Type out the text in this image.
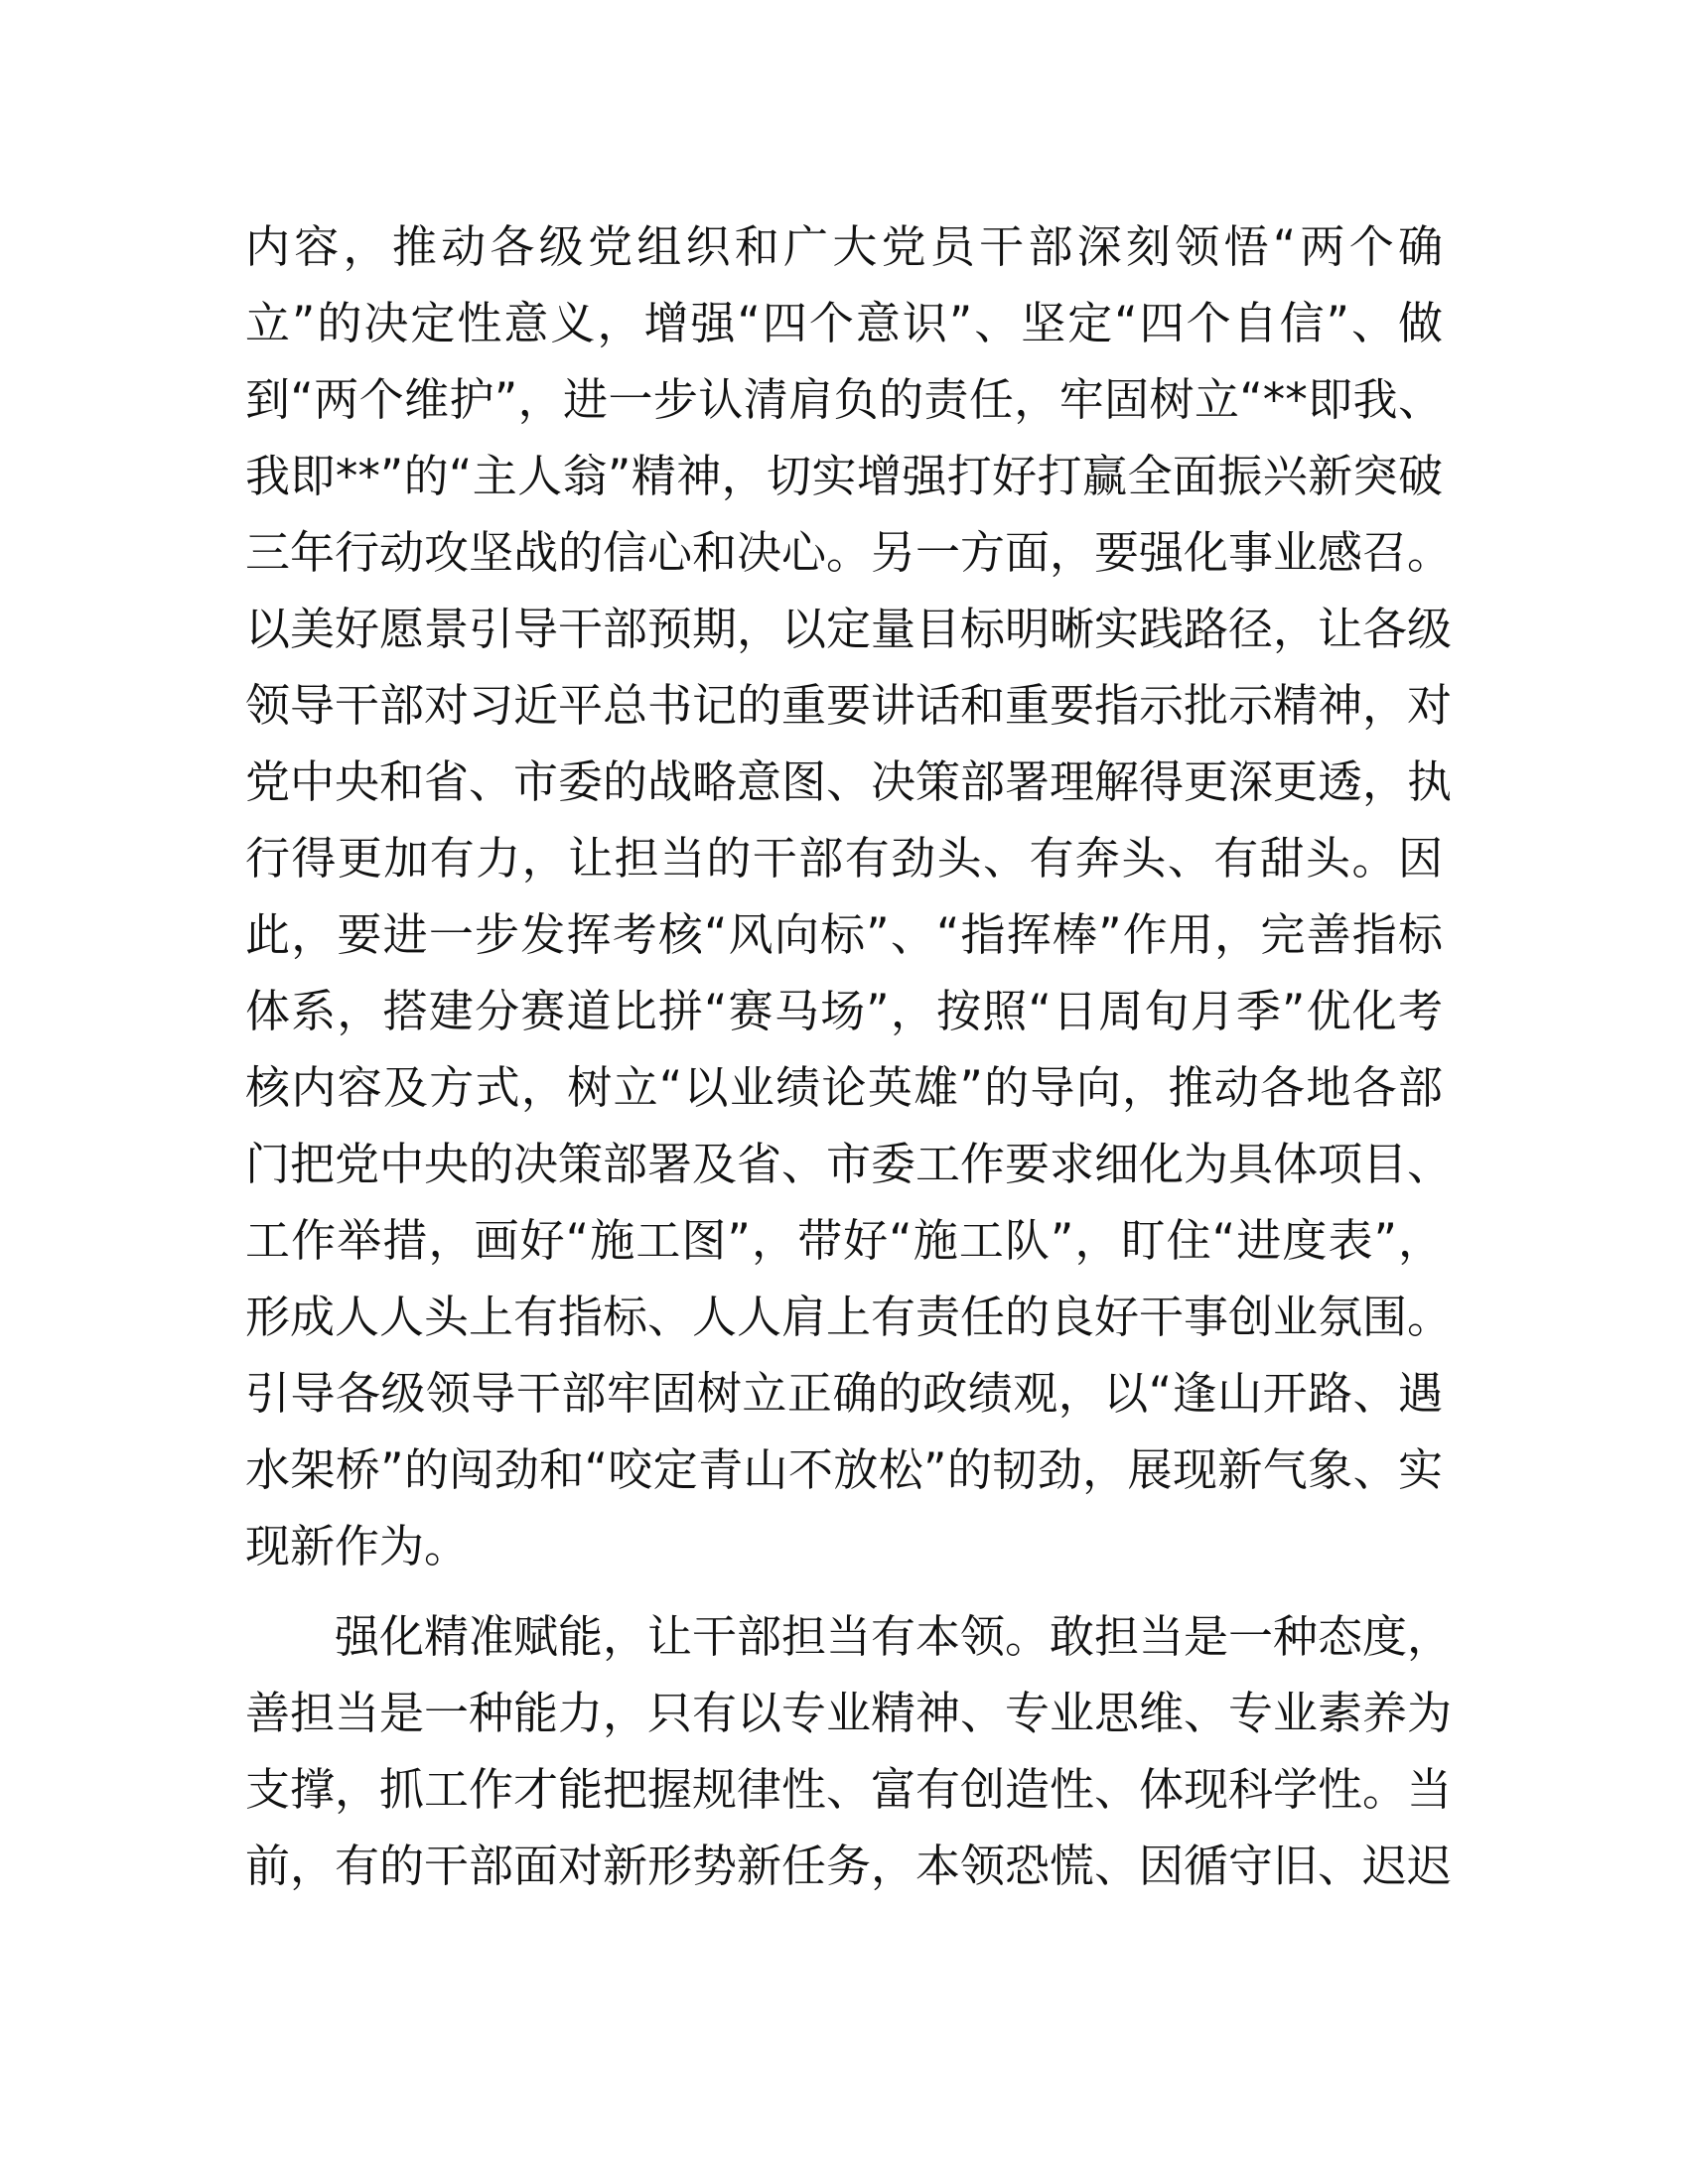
内容，推动各级党组织和广大党员干部深刻领悟“两个确
立”的决定性意义，增强“四个意识”、坚定“四个自信”、做
到“两个维护”，进一步认清肩负的责任，牢固树立“**即我、
我即**”的“主人翁”精神，切实增强打好打赢全面振兴新突破
三年行动攻坚战的信心和决心。另一方面，要强化事业感召。
以美好愿景引导干部预期，以定量目标明晰实践路径，让各级
领导干部对习近平总书记的重要讲话和重要指示批示精神，对
党中央和省、市委的战略意图、决策部署理解得更深更透，执
行得更加有力，让担当的干部有劲头、有奔头、有甜头。因
此，要进一步发挥考核“风向标”、“指挥棒”作用，完善指标
体系，搭建分赛道比拼“赛马场”，按照“日周旬月季”优化考
核内容及方式，树立“以业绩论英雄”的导向，推动各地各部
门把党中央的决策部署及省、市委工作要求细化为具体项目、
工作举措，画好“施工图”，带好“施工队”，盯住“进度表”，
形成人人头上有指标、人人肩上有责任的良好干事创业氛围。
引导各级领导干部牢固树立正确的政绩观，以“逢山开路、遇
水架桥”的闯劲和“咬定青山不放松”的韧劲，展现新气象、实
现新作为。

强化精准赋能，让干部担当有本领。敢担当是一种态度，
善担当是一种能力，只有以专业精神、专业思维、专业素养为
支撑，抓工作才能把握规律性、富有创造性、体现科学性。当
前，有的干部面对新形势新任务，本领恐慌、因循守旧、迟迟
